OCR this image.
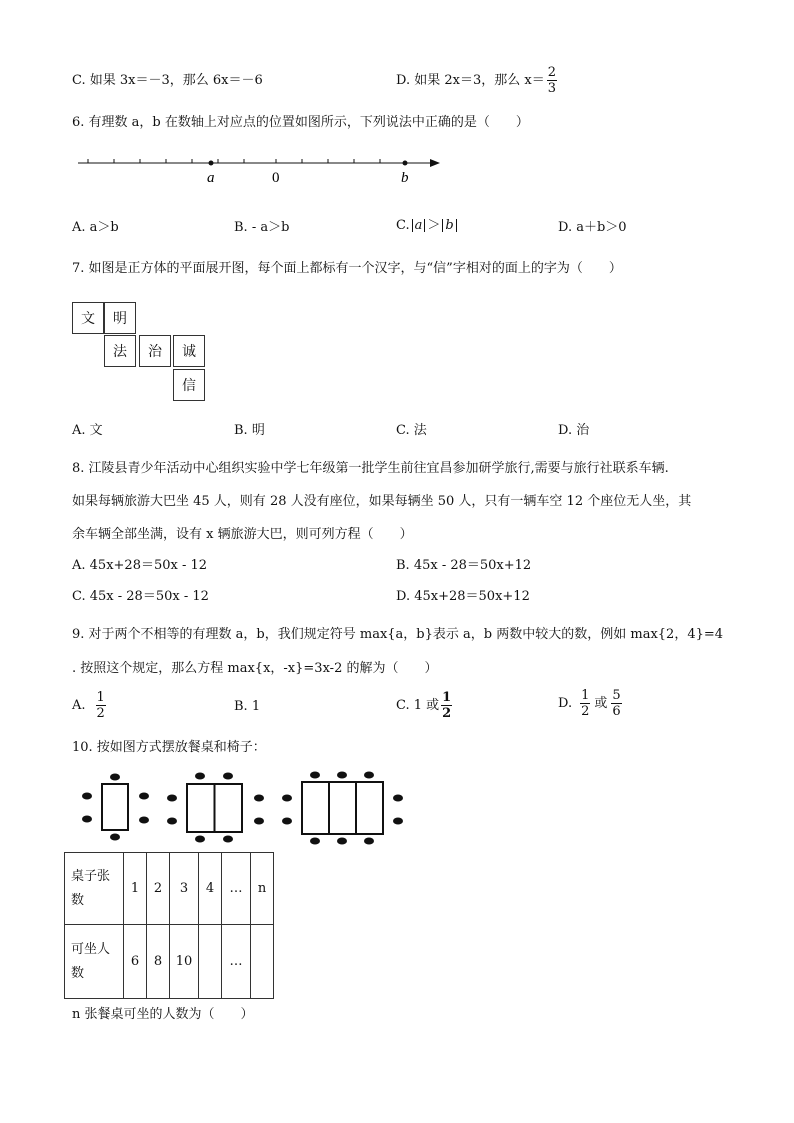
C. 如果 3x＝－3，那么 6x＝－6	D. 如果 2x＝3，那么 $x= \frac{2}{3}$
6. 有理数 a，b 在数轴上对应点的位置如图所示，下列说法中正确的是（　　）
a	0	b
A. a＞b	B. - a＞b	C. a ＞ b	D. a＋b＞0
7. 如图是正方体的平面展开图，每个面上都标有一个汉字，与“信”字相对的面上的字为（　　）
文	明
法	治	诚
信
A. 文	B. 明	C. 法	D. 治
8. 江陵县青少年活动中心组织实验中学七年级第一批学生前往宜昌参加研学旅行,需要与旅行社联系车辆.
如果每辆旅游大巴坐 45 人，则有 28 人没有座位，如果每辆坐 50 人，只有一辆车空 12 个座位无人坐，其
余车辆全部坐满，设有 x 辆旅游大巴，则可列方程（　　）
A. 45x+28＝50x - 12	B. 45x - 28＝50x+12
C. 45x - 28＝50x - 12	D. 45x+28＝50x+12
9. 对于两个不相等的有理数 a，b，我们规定符号 max{a，b}表示 a，b 两数中较大的数，例如 max{2，4}=4
. 按照这个规定，那么方程 max{x，-x}=3x-2 的解为（　　）
A. $\frac{1}{2}$	B. 1	C. 1 或 $\frac{1}{2}$	D. $\frac{1}{2}$ 或 $\frac{5}{6}$
10. 按如图方式摆放餐桌和椅子：
桌子张
数	1	2	3	4	…	n

可坐人
数	6	8	10		…	
n 张餐桌可坐的人数为（　　）
